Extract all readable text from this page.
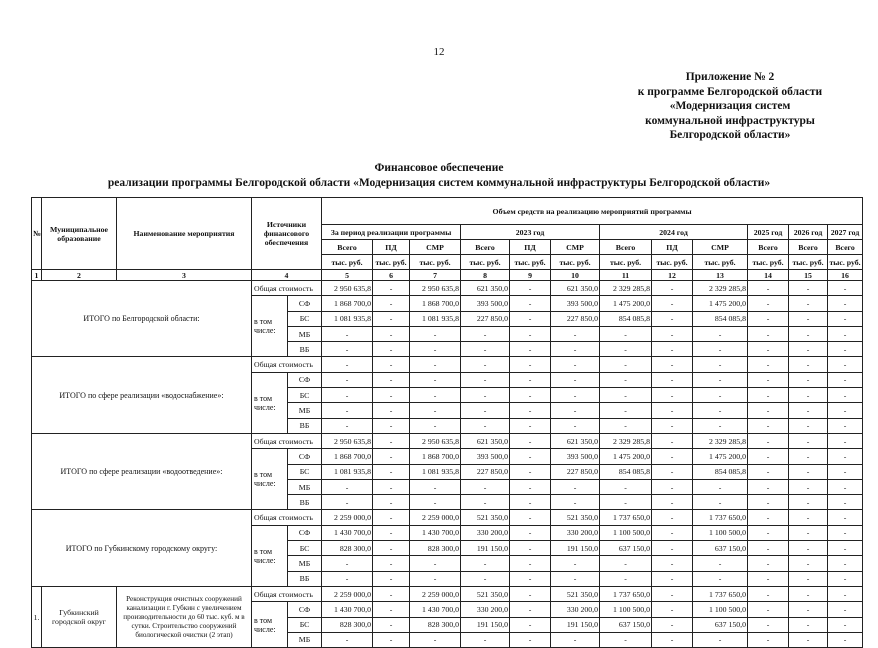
12
Приложение № 2
к программе Белгородской области
«Модернизация систем
коммунальной инфраструктуры
Белгородской области»
Финансовое обеспечение
реализации программы Белгородской области «Модернизация систем коммунальной инфраструктуры Белгородской области»
№	Муниципальное образование	Наименование мероприятия	Источники финансового обеспечения		Объем средств на реализацию мероприятий программы											
					За период реализации программы			2023 год			2024 год			2025 год	2026 год	2027 год
					Всего	ПД	СМР	Всего	ПД	СМР	Всего	ПД	СМР	Всего	Всего	Всего
					тыс. руб.	тыс. руб.	тыс. руб.	тыс. руб.	тыс. руб.	тыс. руб.	тыс. руб.	тыс. руб.	тыс. руб.	тыс. руб.	тыс. руб.	тыс. руб.
1	2	3	4		5	6	7	8	9	10	11	12	13	14	15	16
ИТОГО по Белгородской области:			Общая стоимость		2 950 635,8	-	2 950 635,8	621 350,0	-	621 350,0	2 329 285,8	-	2 329 285,8	-	-	-
			в том числе:	СФ	1 868 700,0	-	1 868 700,0	393 500,0	-	393 500,0	1 475 200,0	-	1 475 200,0	-	-	-
				БС	1 081 935,8	-	1 081 935,8	227 850,0	-	227 850,0	854 085,8	-	854 085,8	-	-	-
				МБ	-	-	-	-	-	-	-	-	-	-	-	-
				ВБ	-	-	-	-	-	-	-	-	-	-	-	-
ИТОГО по сфере реализации «водоснабжение»:			Общая стоимость		-	-	-	-	-	-	-	-	-	-	-	-
			в том числе:	СФ	-	-	-	-	-	-	-	-	-	-	-	-
				БС	-	-	-	-	-	-	-	-	-	-	-	-
				МБ	-	-	-	-	-	-	-	-	-	-	-	-
				ВБ	-	-	-	-	-	-	-	-	-	-	-	-
ИТОГО по сфере реализации «водоотведение»:			Общая стоимость		2 950 635,8	-	2 950 635,8	621 350,0	-	621 350,0	2 329 285,8	-	2 329 285,8	-	-	-
			в том числе:	СФ	1 868 700,0	-	1 868 700,0	393 500,0	-	393 500,0	1 475 200,0	-	1 475 200,0	-	-	-
				БС	1 081 935,8	-	1 081 935,8	227 850,0	-	227 850,0	854 085,8	-	854 085,8	-	-	-
				МБ	-	-	-	-	-	-	-	-	-	-	-	-
				ВБ	-	-	-	-	-	-	-	-	-	-	-	-
ИТОГО по Губкинскому городскому округу:			Общая стоимость		2 259 000,0	-	2 259 000,0	521 350,0	-	521 350,0	1 737 650,0	-	1 737 650,0	-	-	-
			в том числе:	СФ	1 430 700,0	-	1 430 700,0	330 200,0	-	330 200,0	1 100 500,0	-	1 100 500,0	-	-	-
				БС	828 300,0	-	828 300,0	191 150,0	-	191 150,0	637 150,0	-	637 150,0	-	-	-
				МБ	-	-	-	-	-	-	-	-	-	-	-	-
				ВБ	-	-	-	-	-	-	-	-	-	-	-	-
1.	Губкинский городской округ	Реконструкция очистных сооружений канализации г. Губкин с увеличением производительности до 60 тыс. куб. м в сутки. Строительство сооружений биологической очистки (2 этап)	Общая стоимость		2 259 000,0	-	2 259 000,0	521 350,0	-	521 350,0	1 737 650,0	-	1 737 650,0	-	-	-
			в том числе:	СФ	1 430 700,0	-	1 430 700,0	330 200,0	-	330 200,0	1 100 500,0	-	1 100 500,0	-	-	-
				БС	828 300,0	-	828 300,0	191 150,0	-	191 150,0	637 150,0	-	637 150,0	-	-	-
				МБ	-	-	-	-	-	-	-	-	-	-	-	-
